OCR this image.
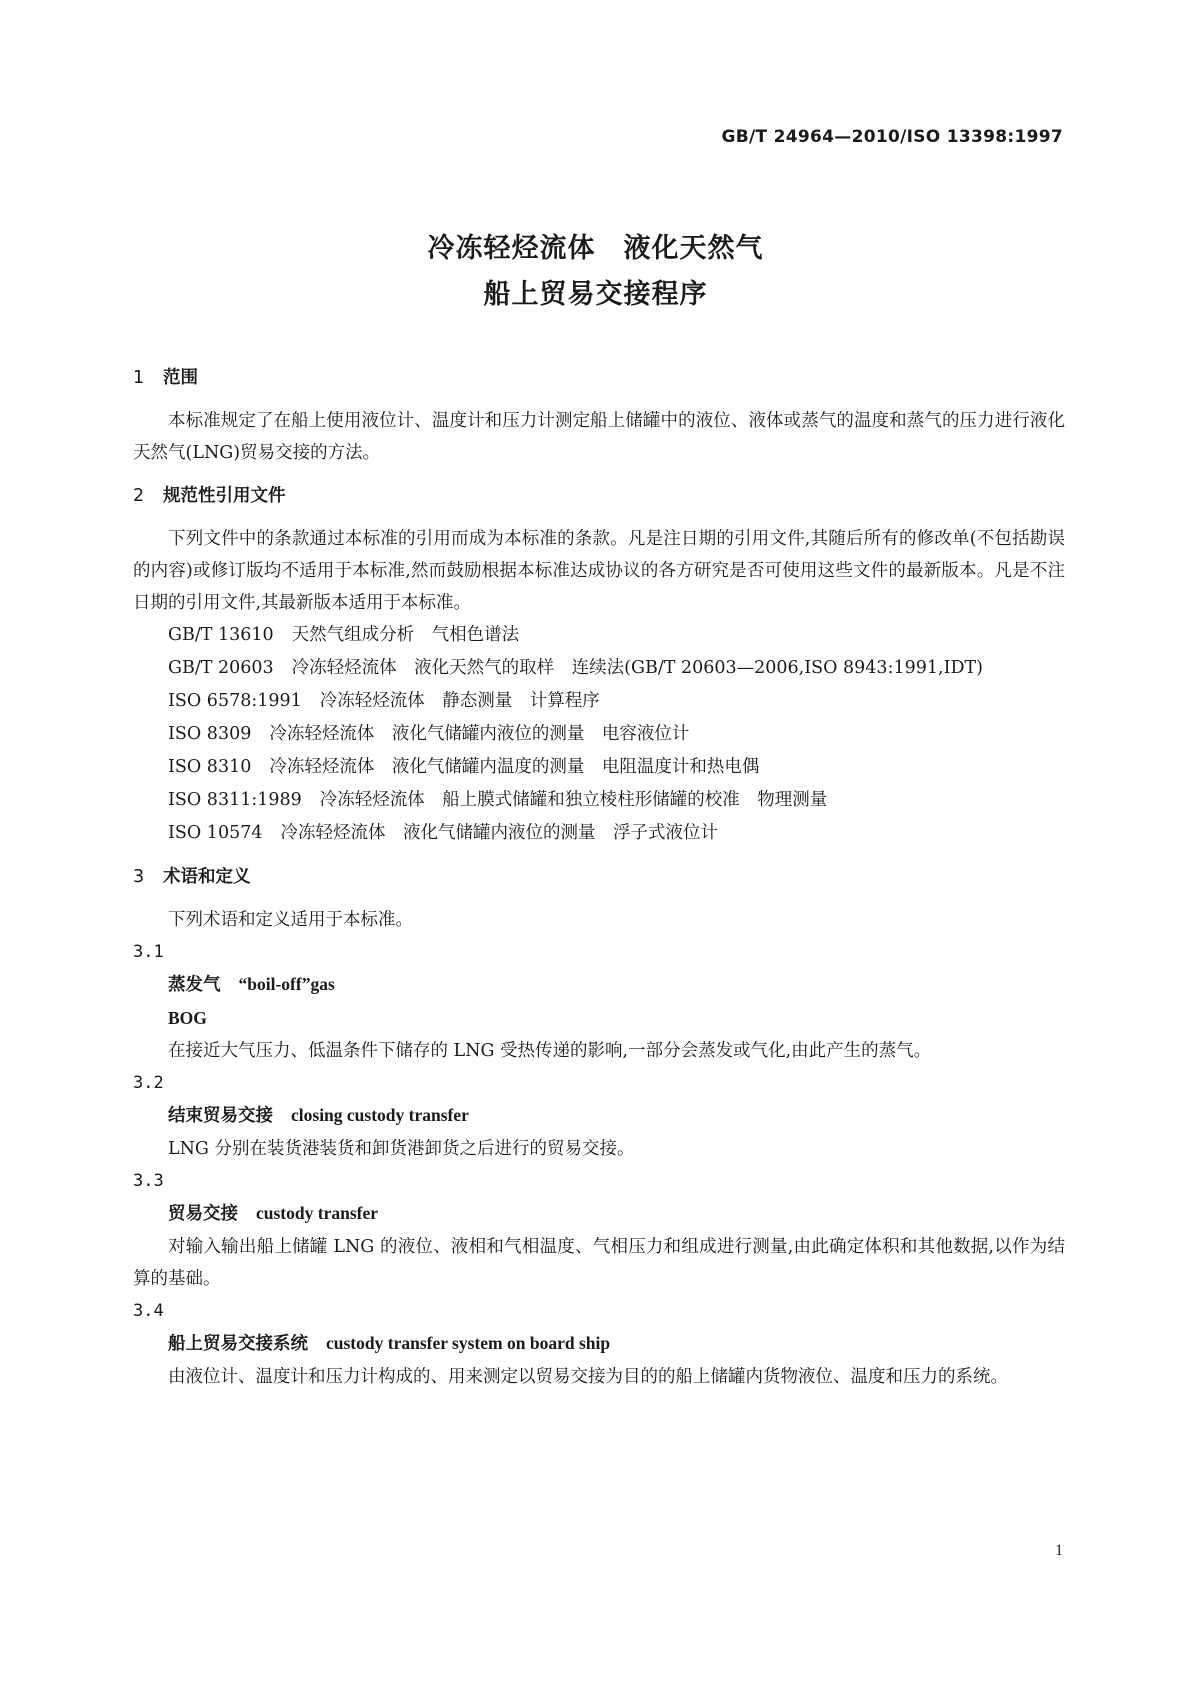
GB/T 24964—2010/ISO 13398:1997
冷冻轻烃流体　液化天然气
船上贸易交接程序
1 范围

本标准规定了在船上使用液位计、温度计和压力计测定船上储罐中的液位、液体或蒸气的温度和蒸气的压力进行液化天然气(LNG)贸易交接的方法。

2 规范性引用文件

下列文件中的条款通过本标准的引用而成为本标准的条款。凡是注日期的引用文件,其随后所有的修改单(不包括勘误的内容)或修订版均不适用于本标准,然而鼓励根据本标准达成协议的各方研究是否可使用这些文件的最新版本。凡是不注日期的引用文件,其最新版本适用于本标准。

GB/T 13610 天然气组成分析　气相色谱法

GB/T 20603 冷冻轻烃流体　液化天然气的取样　连续法(GB/T 20603—2006,ISO 8943:1991,IDT)

ISO 6578:1991 冷冻轻烃流体　静态测量　计算程序

ISO 8309 冷冻轻烃流体　液化气储罐内液位的测量　电容液位计

ISO 8310 冷冻轻烃流体　液化气储罐内温度的测量　电阻温度计和热电偶

ISO 8311:1989 冷冻轻烃流体　船上膜式储罐和独立棱柱形储罐的校准　物理测量

ISO 10574 冷冻轻烃流体　液化气储罐内液位的测量　浮子式液位计

3 术语和定义

下列术语和定义适用于本标准。

3.1

蒸发气 “boil-off”gas

BOG

在接近大气压力、低温条件下储存的 LNG 受热传递的影响,一部分会蒸发或气化,由此产生的蒸气。

3.2

结束贸易交接 closing custody transfer

LNG 分别在装货港装货和卸货港卸货之后进行的贸易交接。

3.3

贸易交接 custody transfer

对输入输出船上储罐 LNG 的液位、液相和气相温度、气相压力和组成进行测量,由此确定体积和其他数据,以作为结算的基础。

3.4

船上贸易交接系统 custody transfer system on board ship

由液位计、温度计和压力计构成的、用来测定以贸易交接为目的的船上储罐内货物液位、温度和压力的系统。

1
